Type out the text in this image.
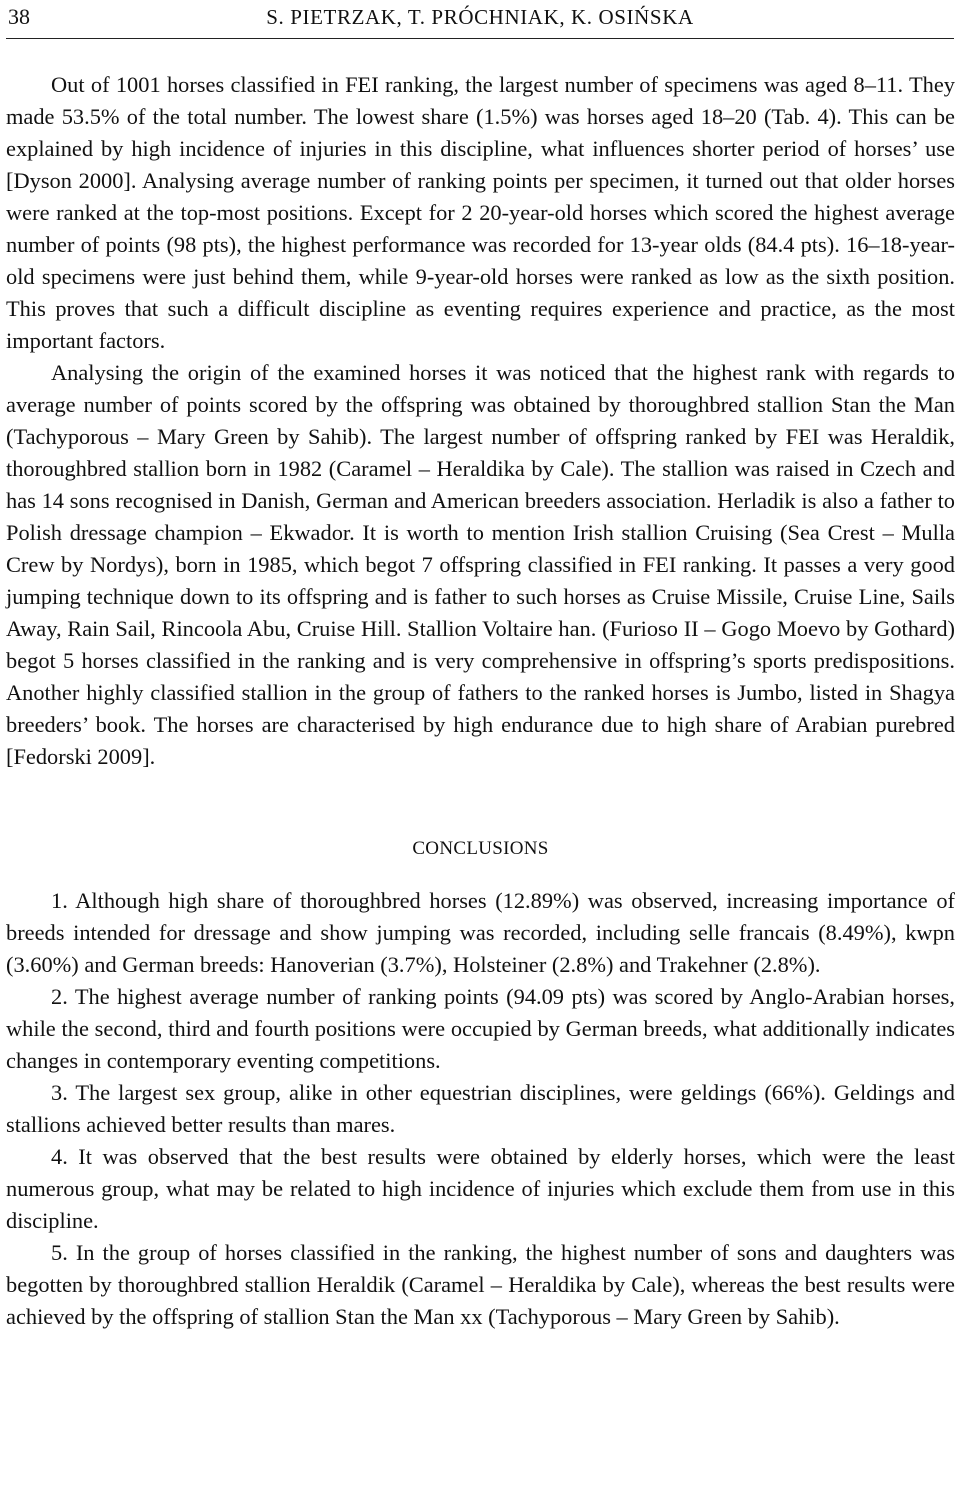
38	S. PIETRZAK, T. PRÓCHNIAK, K. OSIŃSKA

Out of 1001 horses classified in FEI ranking, the largest number of specimens was aged 8–11. They made 53.5% of the total number. The lowest share (1.5%) was horses aged 18–20 (Tab. 4). This can be explained by high incidence of injuries in this discipline, what influences shorter period of horses’ use [Dyson 2000]. Analysing average number of ranking points per specimen, it turned out that older horses were ranked at the top-most positions. Except for 2 20-year-old horses which scored the highest average number of points (98 pts), the highest performance was recorded for 13-year olds (84.4 pts). 16–18-year-old specimens were just behind them, while 9-year-old horses were ranked as low as the sixth position. This proves that such a difficult discipline as eventing requires experience and practice, as the most important factors.

Analysing the origin of the examined horses it was noticed that the highest rank with regards to average number of points scored by the offspring was obtained by thoroughbred stallion Stan the Man (Tachyporous – Mary Green by Sahib). The largest number of offspring ranked by FEI was Heraldik, thoroughbred stallion born in 1982 (Caramel – Heraldika by Cale). The stallion was raised in Czech and has 14 sons recognised in Danish, German and American breeders association. Herladik is also a father to Polish dressage champion – Ekwador. It is worth to mention Irish stallion Cruising (Sea Crest – Mulla Crew by Nordys), born in 1985, which begot 7 offspring classified in FEI ranking. It passes a very good jumping technique down to its offspring and is father to such horses as Cruise Missile, Cruise Line, Sails Away, Rain Sail, Rincoola Abu, Cruise Hill. Stallion Voltaire han. (Furioso II – Gogo Moevo by Gothard) begot 5 horses classified in the ranking and is very comprehensive in offspring’s sports predispositions. Another highly classified stallion in the group of fathers to the ranked horses is Jumbo, listed in Shagya breeders’ book. The horses are characterised by high endurance due to high share of Arabian purebred [Fedorski 2009].

CONCLUSIONS

1. Although high share of thoroughbred horses (12.89%) was observed, increasing importance of breeds intended for dressage and show jumping was recorded, including selle francais (8.49%), kwpn (3.60%) and German breeds: Hanoverian (3.7%), Holsteiner (2.8%) and Trakehner (2.8%).

2. The highest average number of ranking points (94.09 pts) was scored by Anglo-Arabian horses, while the second, third and fourth positions were occupied by German breeds, what additionally indicates changes in contemporary eventing competitions.

3. The largest sex group, alike in other equestrian disciplines, were geldings (66%). Geldings and stallions achieved better results than mares.

4. It was observed that the best results were obtained by elderly horses, which were the least numerous group, what may be related to high incidence of injuries which exclude them from use in this discipline.

5. In the group of horses classified in the ranking, the highest number of sons and daughters was begotten by thoroughbred stallion Heraldik (Caramel – Heraldika by Cale), whereas the best results were achieved by the offspring of stallion Stan the Man xx (Tachyporous – Mary Green by Sahib).
